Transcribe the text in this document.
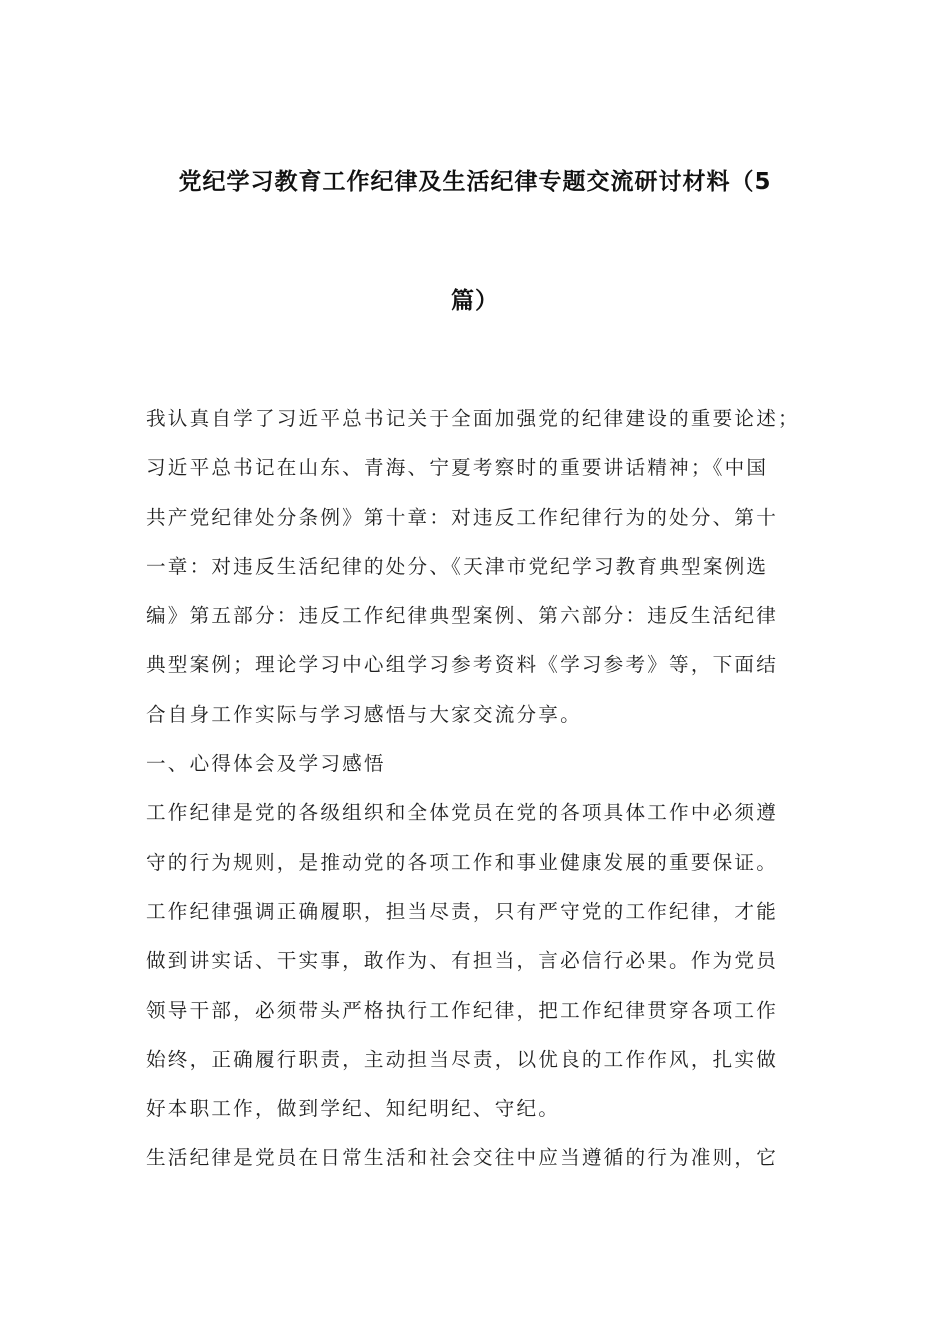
党纪学习教育工作纪律及生活纪律专题交流研讨材料（5
篇）
我认真自学了习近平总书记关于全面加强党的纪律建设的重要论述；
习近平总书记在山东、青海、宁夏考察时的重要讲话精神；《中国
共产党纪律处分条例》第十章：对违反工作纪律行为的处分、第十
一章：对违反生活纪律的处分、《天津市党纪学习教育典型案例选
编》第五部分：违反工作纪律典型案例、第六部分：违反生活纪律
典型案例；理论学习中心组学习参考资料《学习参考》等，下面结
合自身工作实际与学习感悟与大家交流分享。
一、心得体会及学习感悟
工作纪律是党的各级组织和全体党员在党的各项具体工作中必须遵
守的行为规则，是推动党的各项工作和事业健康发展的重要保证。
工作纪律强调正确履职，担当尽责，只有严守党的工作纪律，才能
做到讲实话、干实事，敢作为、有担当，言必信行必果。作为党员
领导干部，必须带头严格执行工作纪律，把工作纪律贯穿各项工作
始终，正确履行职责，主动担当尽责，以优良的工作作风，扎实做
好本职工作，做到学纪、知纪明纪、守纪。
生活纪律是党员在日常生活和社会交往中应当遵循的行为准则，它
